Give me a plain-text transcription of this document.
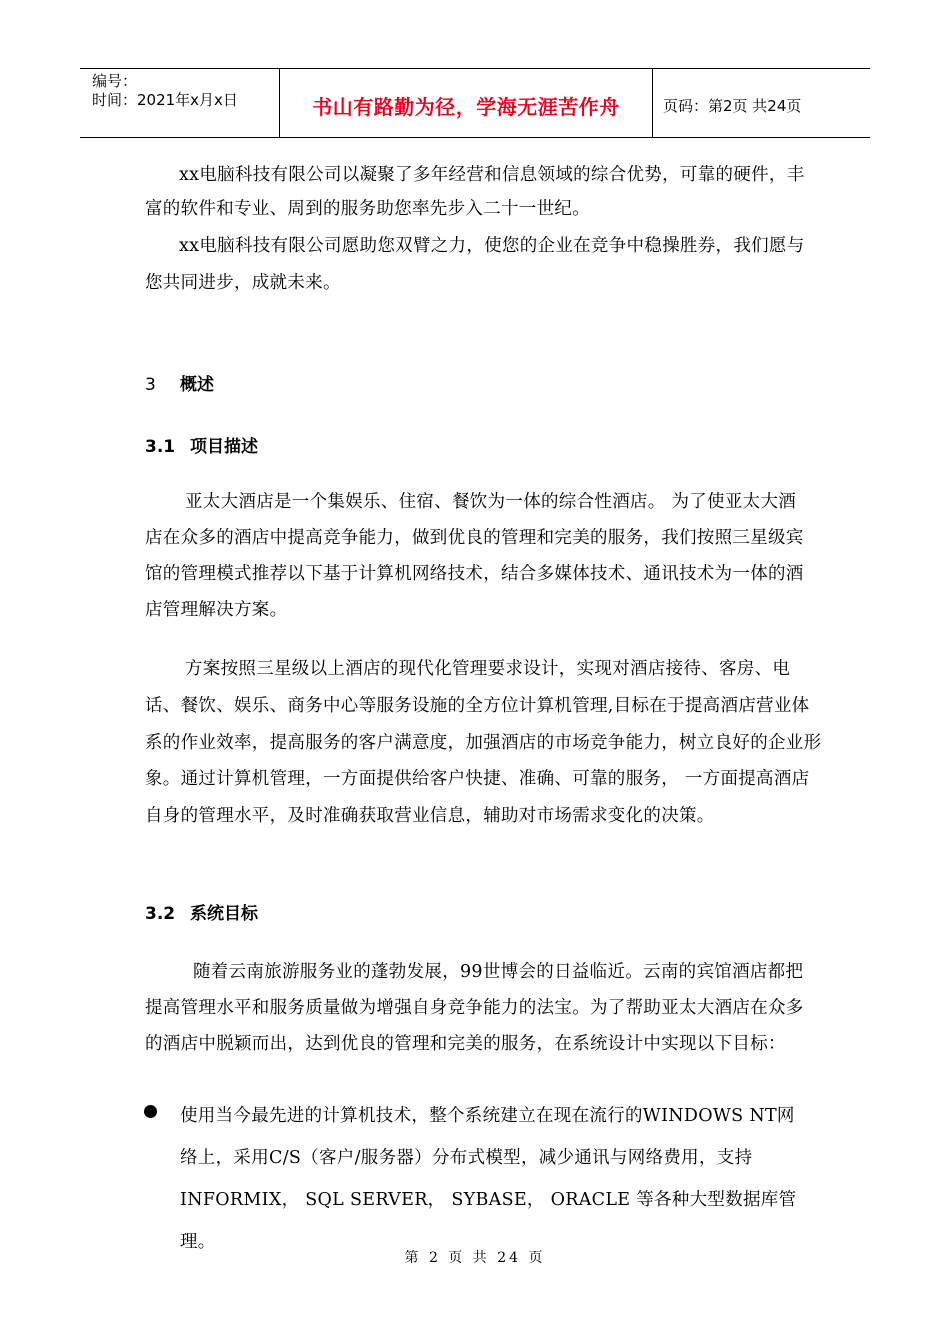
编号：
时间：2021年x月x日	书山有路勤为径，学海无涯苦作舟	页码：第2页 共24页

xx电脑科技有限公司以凝聚了多年经营和信息领域的综合优势，可靠的硬件，丰富的软件和专业、周到的服务助您率先步入二十一世纪。

xx电脑科技有限公司愿助您双臂之力，使您的企业在竞争中稳操胜券，我们愿与您共同进步，成就未来。

3 概述
3.1 项目描述

亚太大酒店是一个集娱乐、住宿、餐饮为一体的综合性酒店。 为了使亚太大酒店在众多的酒店中提高竞争能力，做到优良的管理和完美的服务，我们按照三星级宾馆的管理模式推荐以下基于计算机网络技术，结合多媒体技术、通讯技术为一体的酒店管理解决方案。

方案按照三星级以上酒店的现代化管理要求设计，实现对酒店接待、客房、电话、餐饮、娱乐、商务中心等服务设施的全方位计算机管理,目标在于提高酒店营业体系的作业效率，提高服务的客户满意度，加强酒店的市场竞争能力，树立良好的企业形象。通过计算机管理，一方面提供给客户快捷、准确、可靠的服务， 一方面提高酒店自身的管理水平，及时准确获取营业信息，辅助对市场需求变化的决策。

3.2 系统目标

随着云南旅游服务业的蓬勃发展，99世博会的日益临近。云南的宾馆酒店都把提高管理水平和服务质量做为增强自身竞争能力的法宝。为了帮助亚太大酒店在众多的酒店中脱颖而出，达到优良的管理和完美的服务，在系统设计中实现以下目标：

使用当今最先进的计算机技术，整个系统建立在现在流行的WINDOWS NT网络上，采用C/S（客户/服务器）分布式模型，减少通讯与网络费用，支持INFORMIX， SQL SERVER， SYBASE， ORACLE 等各种大型数据库管理。

第 2 页 共 24 页
